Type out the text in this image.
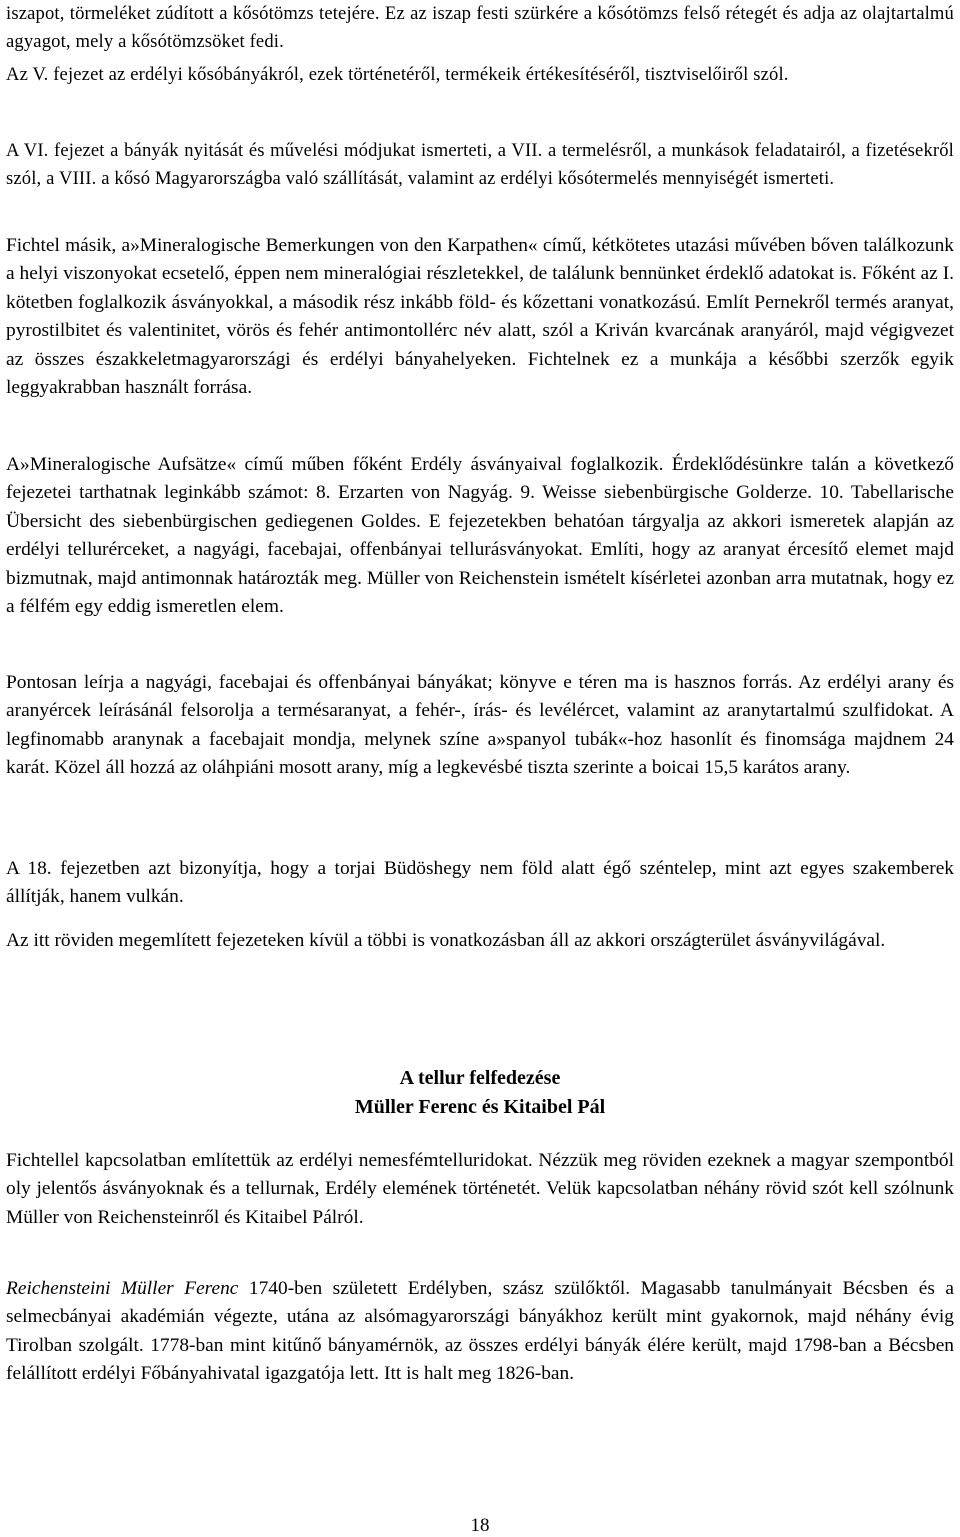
iszapot, törmeléket zúdított a kősótömzs tetejére. Ez az iszap festi szürkére a kősótömzs felső rétegét és adja az olajtartalmú agyagot, mely a kősótömzsöket fedi.

Az V. fejezet az erdélyi kősóbányákról, ezek történetéről, termékeik értékesítéséről, tisztviselőiről szól.

A VI. fejezet a bányák nyitását és művelési módjukat ismerteti, a VII. a termelésről, a munkások feladatairól, a fizetésekről szól, a VIII. a kősó Magyarországba való szállítását, valamint az erdélyi kősótermelés mennyiségét ismerteti.

Fichtel másik, a»Mineralogische Bemerkungen von den Karpathen« című, kétkötetes utazási művében bőven találkozunk a helyi viszonyokat ecsetelő, éppen nem mineralógiai részletekkel, de találunk bennünket érdeklő adatokat is. Főként az I. kötetben foglalkozik ásványokkal, a második rész inkább föld- és kőzettani vonatkozású. Említ Pernekről termés aranyat, pyrostilbitet és valentinitet, vörös és fehér antimontollérc név alatt, szól a Kriván kvarcának aranyáról, majd végigvezet az összes északkeletmagyarországi és erdélyi bányahelyeken. Fichtelnek ez a munkája a későbbi szerzők egyik leggyakrabban használt forrása.

A»Mineralogische Aufsätze« című műben főként Erdély ásványaival foglalkozik. Érdeklődésünkre talán a következő fejezetei tarthatnak leginkább számot: 8. Erzarten von Nagyág. 9. Weisse siebenbürgische Golderze. 10. Tabellarische Übersicht des siebenbürgischen gediegenen Goldes. E fejezetekben behatóan tárgyalja az akkori ismeretek alapján az erdélyi tellurérceket, a nagyági, facebajai, offenbányai tellurásványokat. Említi, hogy az aranyat ércesítő elemet majd bizmutnak, majd antimonnak határozták meg. Müller von Reichenstein ismételt kísérletei azonban arra mutatnak, hogy ez a félfém egy eddig ismeretlen elem.

Pontosan leírja a nagyági, facebajai és offenbányai bányákat; könyve e téren ma is hasznos forrás. Az erdélyi arany és aranyércek leírásánál felsorolja a termésaranyat, a fehér-, írás- és levélércet, valamint az aranytartalmú szulfidokat. A legfinomabb aranynak a facebajait mondja, melynek színe a»spanyol tubák«-hoz hasonlít és finomsága majdnem 24 karát. Közel áll hozzá az oláhpiáni mosott arany, míg a legkevésbé tiszta szerinte a boicai 15,5 karátos arany.

A 18. fejezetben azt bizonyítja, hogy a torjai Büdöshegy nem föld alatt égő széntelep, mint azt egyes szakemberek állítják, hanem vulkán.

Az itt röviden megemlített fejezeteken kívül a többi is vonatkozásban áll az akkori országterület ásványvilágával.

A tellur felfedezése
Müller Ferenc és Kitaibel Pál

Fichtellel kapcsolatban említettük az erdélyi nemesfémtelluridokat. Nézzük meg röviden ezeknek a magyar szempontból oly jelentős ásványoknak és a tellurnak, Erdély elemének történetét. Velük kapcsolatban néhány rövid szót kell szólnunk Müller von Reichensteinről és Kitaibel Pálról.

Reichensteini Müller Ferenc 1740-ben született Erdélyben, szász szülőktől. Magasabb tanulmányait Bécsben és a selmecbányai akadémián végezte, utána az alsómagyarországi bányákhoz került mint gyakornok, majd néhány évig Tirolban szolgált. 1778-ban mint kitűnő bányamérnök, az összes erdélyi bányák élére került, majd 1798-ban a Bécsben felállított erdélyi Főbányahivatal igazgatója lett. Itt is halt meg 1826-ban.

18
